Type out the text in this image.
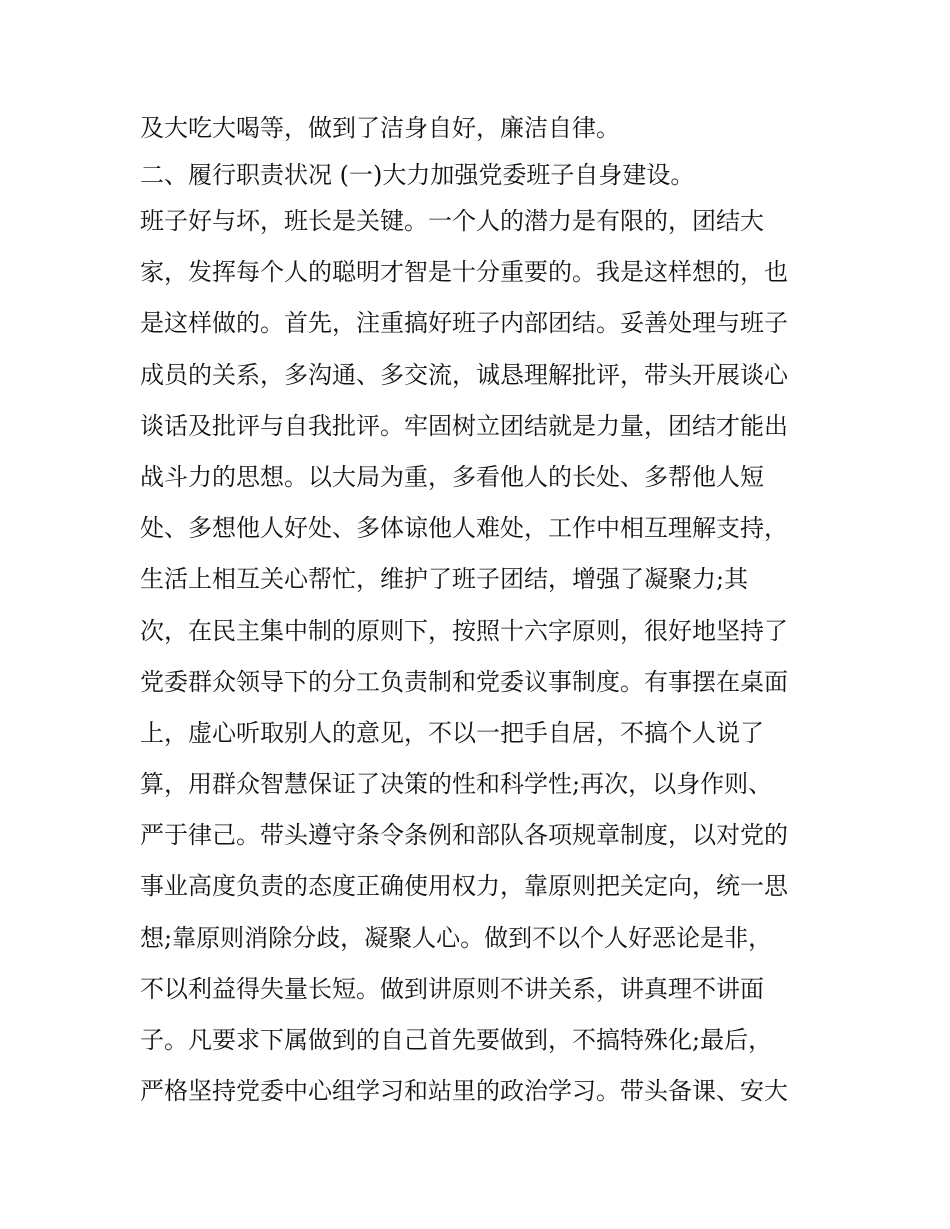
及大吃大喝等，做到了洁身自好，廉洁自律。
二、履行职责状况 (一)大力加强党委班子自身建设。
班子好与坏，班长是关键。一个人的潜力是有限的，团结大
家，发挥每个人的聪明才智是十分重要的。我是这样想的，也
是这样做的。首先，注重搞好班子内部团结。妥善处理与班子
成员的关系，多沟通、多交流，诚恳理解批评，带头开展谈心
谈话及批评与自我批评。牢固树立团结就是力量，团结才能出
战斗力的思想。以大局为重，多看他人的长处、多帮他人短
处、多想他人好处、多体谅他人难处，工作中相互理解支持，
生活上相互关心帮忙，维护了班子团结，增强了凝聚力;其
次，在民主集中制的原则下，按照十六字原则，很好地坚持了
党委群众领导下的分工负责制和党委议事制度。有事摆在桌面
上，虚心听取别人的意见，不以一把手自居，不搞个人说了
算，用群众智慧保证了决策的性和科学性;再次，以身作则、
严于律己。带头遵守条令条例和部队各项规章制度，以对党的
事业高度负责的态度正确使用权力，靠原则把关定向，统一思
想;靠原则消除分歧，凝聚人心。做到不以个人好恶论是非，
不以利益得失量长短。做到讲原则不讲关系，讲真理不讲面
子。凡要求下属做到的自己首先要做到，不搞特殊化;最后，
严格坚持党委中心组学习和站里的政治学习。带头备课、安大
